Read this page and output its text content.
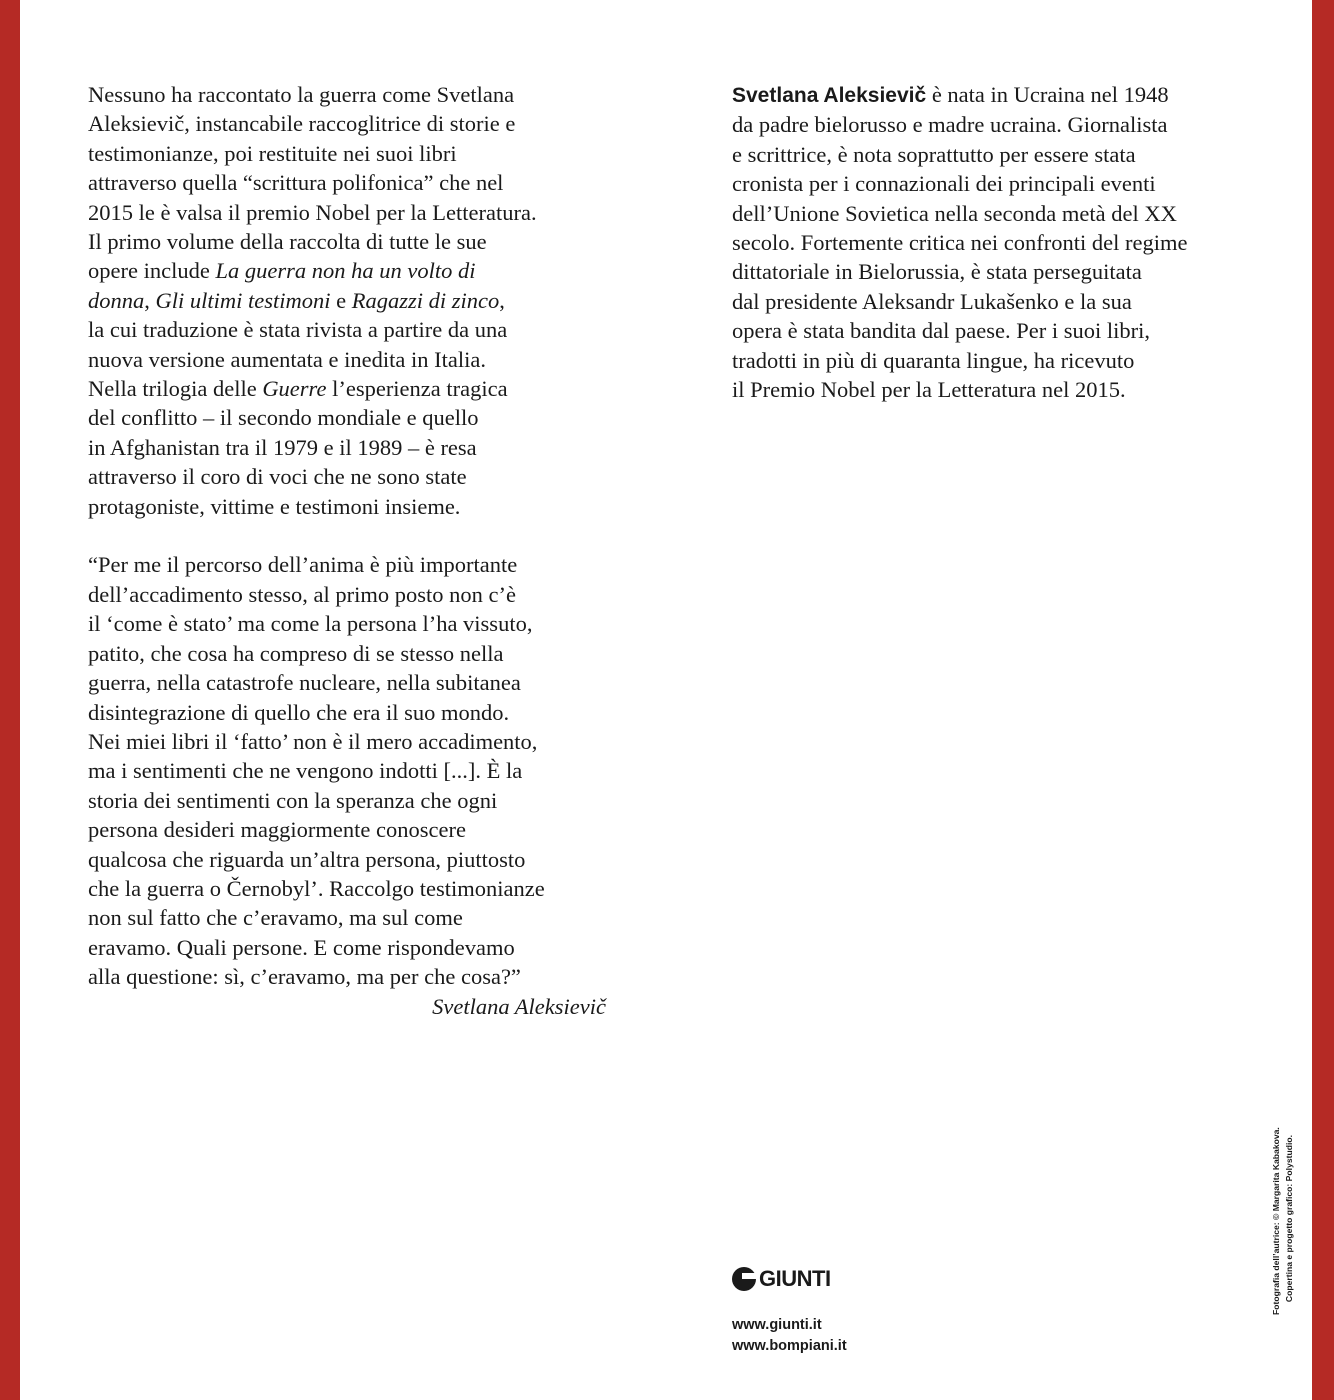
Nessuno ha raccontato la guerra come Svetlana
Aleksievič, instancabile raccoglitrice di storie e
testimonianze, poi restituite nei suoi libri
attraverso quella “scrittura polifonica” che nel
2015 le è valsa il premio Nobel per la Letteratura.
Il primo volume della raccolta di tutte le sue
opere include La guerra non ha un volto di
donna, Gli ultimi testimoni e Ragazzi di zinco,
la cui traduzione è stata rivista a partire da una
nuova versione aumentata e inedita in Italia.
Nella trilogia delle Guerre l’esperienza tragica
del conflitto – il secondo mondiale e quello
in Afghanistan tra il 1979 e il 1989 – è resa
attraverso il coro di voci che ne sono state
protagoniste, vittime e testimoni insieme.

“Per me il percorso dell’anima è più importante
dell’accadimento stesso, al primo posto non c’è
il ‘come è stato’ ma come la persona l’ha vissuto,
patito, che cosa ha compreso di se stesso nella
guerra, nella catastrofe nucleare, nella subitanea
disintegrazione di quello che era il suo mondo.
Nei miei libri il ‘fatto’ non è il mero accadimento,
ma i sentimenti che ne vengono indotti [...]. È la
storia dei sentimenti con la speranza che ogni
persona desideri maggiormente conoscere
qualcosa che riguarda un’altra persona, piuttosto
che la guerra o Černobyl’. Raccolgo testimonianze
non sul fatto che c’eravamo, ma sul come
eravamo. Quali persone. E come rispondevamo
alla questione: sì, c’eravamo, ma per che cosa?”

Svetlana Aleksievič

Svetlana Aleksievič è nata in Ucraina nel 1948
da padre bielorusso e madre ucraina. Giornalista
e scrittrice, è nota soprattutto per essere stata
cronista per i connazionali dei principali eventi
dell’Unione Sovietica nella seconda metà del XX
secolo. Fortemente critica nei confronti del regime
dittatoriale in Bielorussia, è stata perseguitata
dal presidente Aleksandr Lukašenko e la sua
opera è stata bandita dal paese. Per i suoi libri,
tradotti in più di quaranta lingue, ha ricevuto
il Premio Nobel per la Letteratura nel 2015.

GIUNTI
www.giunti.it
www.bompiani.it
Fotografia dell’autrice: © Margarita Kabakova. Copertina e progetto grafico: Polystudio.
